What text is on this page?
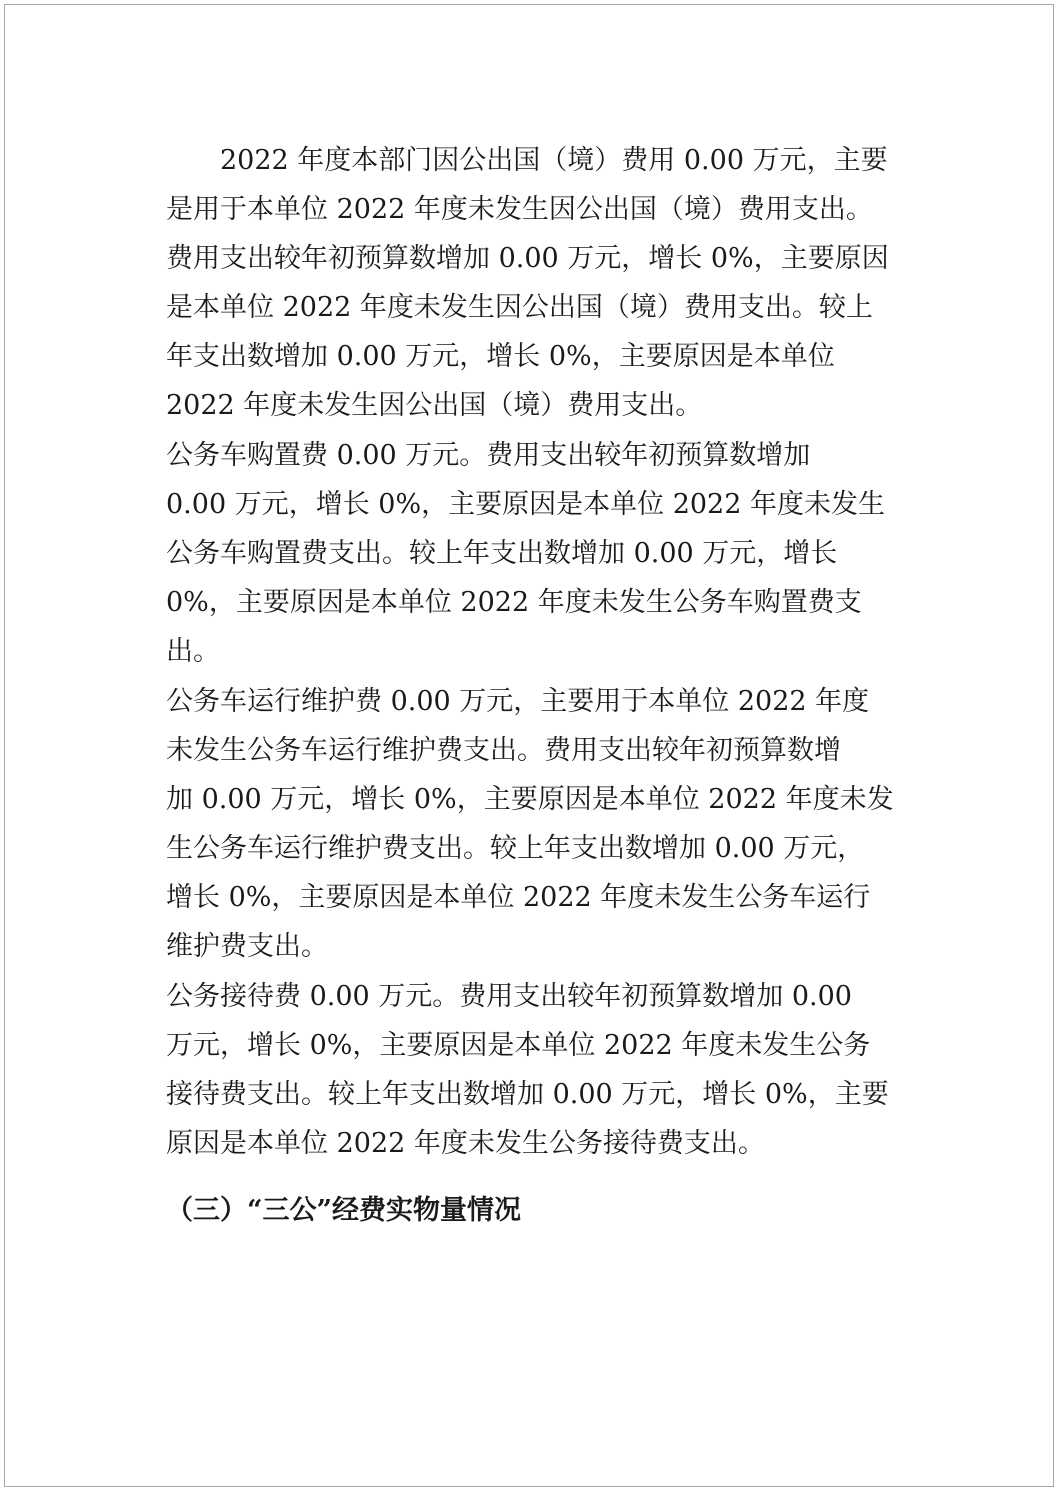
　　2022 年度本部门因公出国（境）费用 0.00 万元，主要

是用于本单位 2022 年度未发生因公出国（境）费用支出。

费用支出较年初预算数增加 0.00 万元，增长 0%，主要原因

是本单位 2022 年度未发生因公出国（境）费用支出。较上

年支出数增加 0.00 万元，增长 0%，主要原因是本单位

2022 年度未发生因公出国（境）费用支出。

公务车购置费 0.00 万元。费用支出较年初预算数增加

0.00 万元，增长 0%，主要原因是本单位 2022 年度未发生

公务车购置费支出。较上年支出数增加 0.00 万元，增长

0%，主要原因是本单位 2022 年度未发生公务车购置费支

出。

公务车运行维护费 0.00 万元，主要用于本单位 2022 年度

未发生公务车运行维护费支出。费用支出较年初预算数增

加 0.00 万元，增长 0%，主要原因是本单位 2022 年度未发

生公务车运行维护费支出。较上年支出数增加 0.00 万元，

增长 0%，主要原因是本单位 2022 年度未发生公务车运行

维护费支出。

公务接待费 0.00 万元。费用支出较年初预算数增加 0.00

万元，增长 0%，主要原因是本单位 2022 年度未发生公务

接待费支出。较上年支出数增加 0.00 万元，增长 0%，主要

原因是本单位 2022 年度未发生公务接待费支出。

（三）“三公”经费实物量情况
